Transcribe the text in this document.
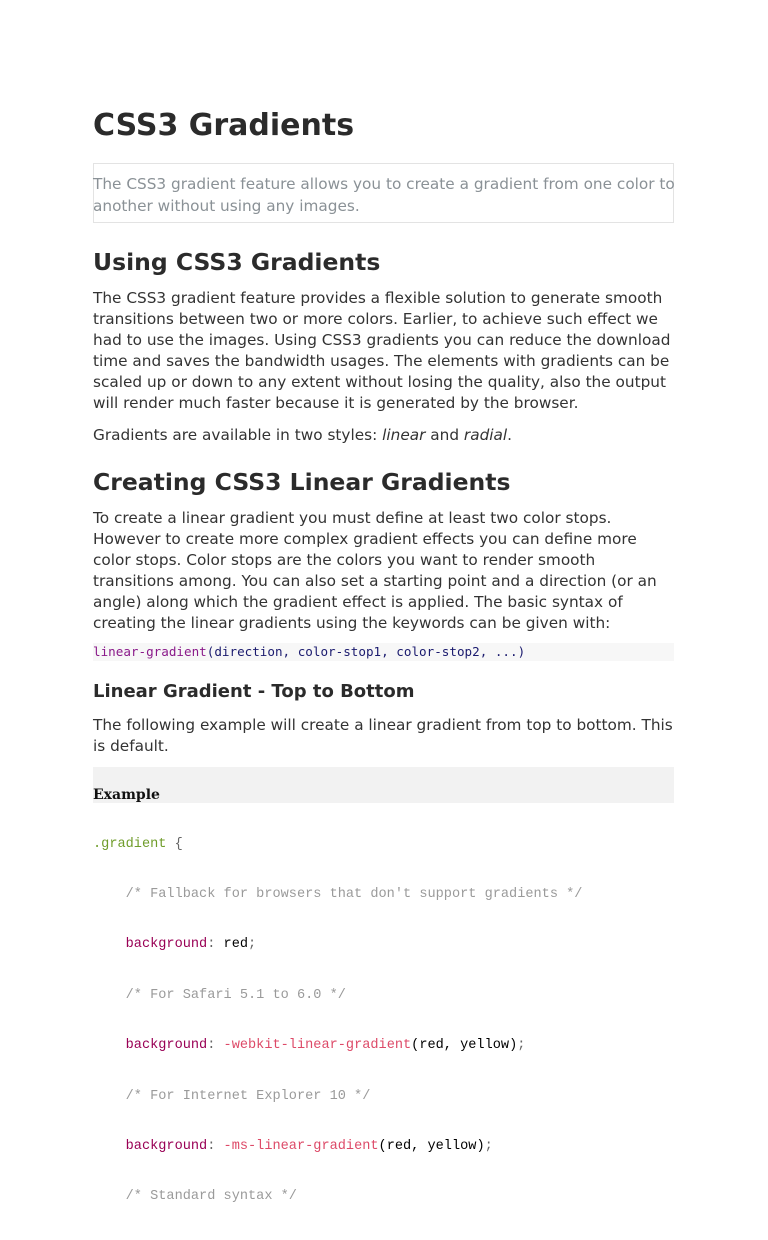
CSS3 Gradients
The CSS3 gradient feature allows you to create a gradient from one color to another without using any images.
Using CSS3 Gradients

The CSS3 gradient feature provides a flexible solution to generate smooth transitions between two or more colors. Earlier, to achieve such effect we had to use the images. Using CSS3 gradients you can reduce the download time and saves the bandwidth usages. The elements with gradients can be scaled up or down to any extent without losing the quality, also the output will render much faster because it is generated by the browser.

Gradients are available in two styles: linear and radial.

Creating CSS3 Linear Gradients

To create a linear gradient you must define at least two color stops. However to create more complex gradient effects you can define more color stops. Color stops are the colors you want to render smooth transitions among. You can also set a starting point and a direction (or an angle) along which the gradient effect is applied. The basic syntax of creating the linear gradients using the keywords can be given with:

linear-gradient(direction, color-stop1, color-stop2, ...)
Linear Gradient - Top to Bottom

The following example will create a linear gradient from top to bottom. This is default.

Example

.gradient {

/* Fallback for browsers that don't support gradients */

background: red;

/* For Safari 5.1 to 6.0 */

background: -webkit-linear-gradient(red, yellow);

/* For Internet Explorer 10 */

background: -ms-linear-gradient(red, yellow);

/* Standard syntax */
